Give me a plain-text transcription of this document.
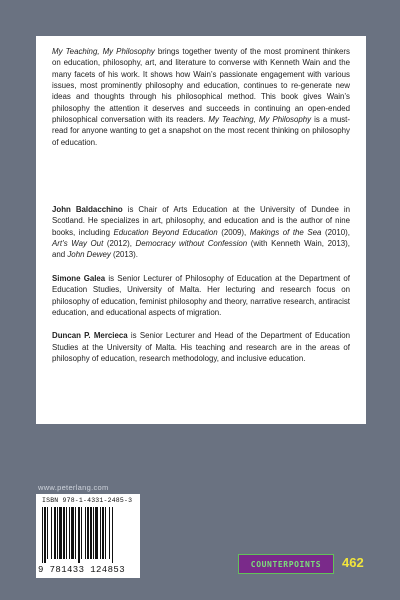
My Teaching, My Philosophy brings together twenty of the most prominent thinkers on education, philosophy, art, and literature to converse with Kenneth Wain and the many facets of his work. It shows how Wain’s passionate engagement with various issues, most prominently philosophy and education, continues to re-generate new ideas and thoughts through his philosophical method. This book gives Wain’s philosophy the attention it deserves and succeeds in continuing an open-ended philosophical conversation with its readers. My Teaching, My Philosophy is a must-read for anyone wanting to get a snapshot on the most recent thinking on philosophy of education.

John Baldacchino is Chair of Arts Education at the University of Dundee in Scotland. He specializes in art, philosophy, and education and is the author of nine books, including Education Beyond Education (2009), Makings of the Sea (2010), Art’s Way Out (2012), Democracy without Confession (with Kenneth Wain, 2013), and John Dewey (2013).

Simone Galea is Senior Lecturer of Philosophy of Education at the Department of Education Studies, University of Malta. Her lecturing and research focus on philosophy of education, feminist philosophy and theory, narrative research, antiracist education, and educational aspects of migration.

Duncan P. Mercieca is Senior Lecturer and Head of the Department of Education Studies at the University of Malta. His teaching and research are in the areas of philosophy of education, research methodology, and inclusive education.

www.peterlang.com
ISBN 978-1-4331-2485-3
9 781433 124853
COUNTERPOINTS	462
